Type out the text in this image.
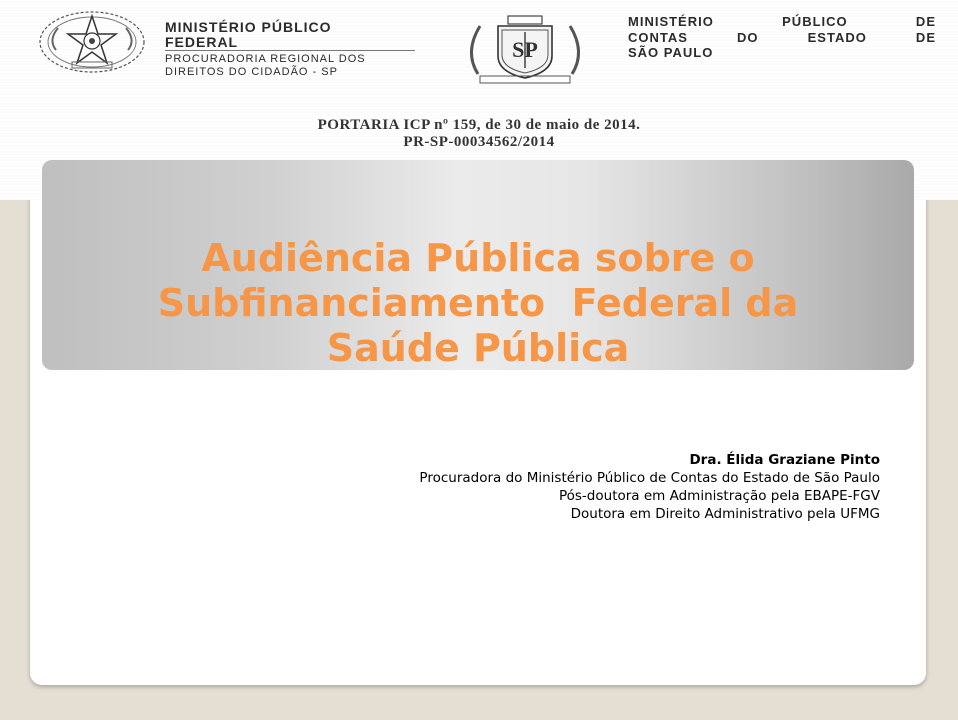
MINISTÉRIO PÚBLICO
FEDERAL
PROCURADORIA REGIONAL DOS
DIREITOS DO CIDADÃO - SP
SP
MINISTÉRIO PÚBLICO DE
CONTAS DO ESTADO DE
SÃO PAULO
PORTARIA ICP nº 159, de 30 de maio de 2014.
PR-SP-00034562/2014
Audiência Pública sobre o
Subfinanciamento  Federal da
Saúde Pública
Dra. Élida Graziane Pinto
Procuradora do Ministério Público de Contas do Estado de São Paulo
Pós-doutora em Administração pela EBAPE-FGV
Doutora em Direito Administrativo pela UFMG
